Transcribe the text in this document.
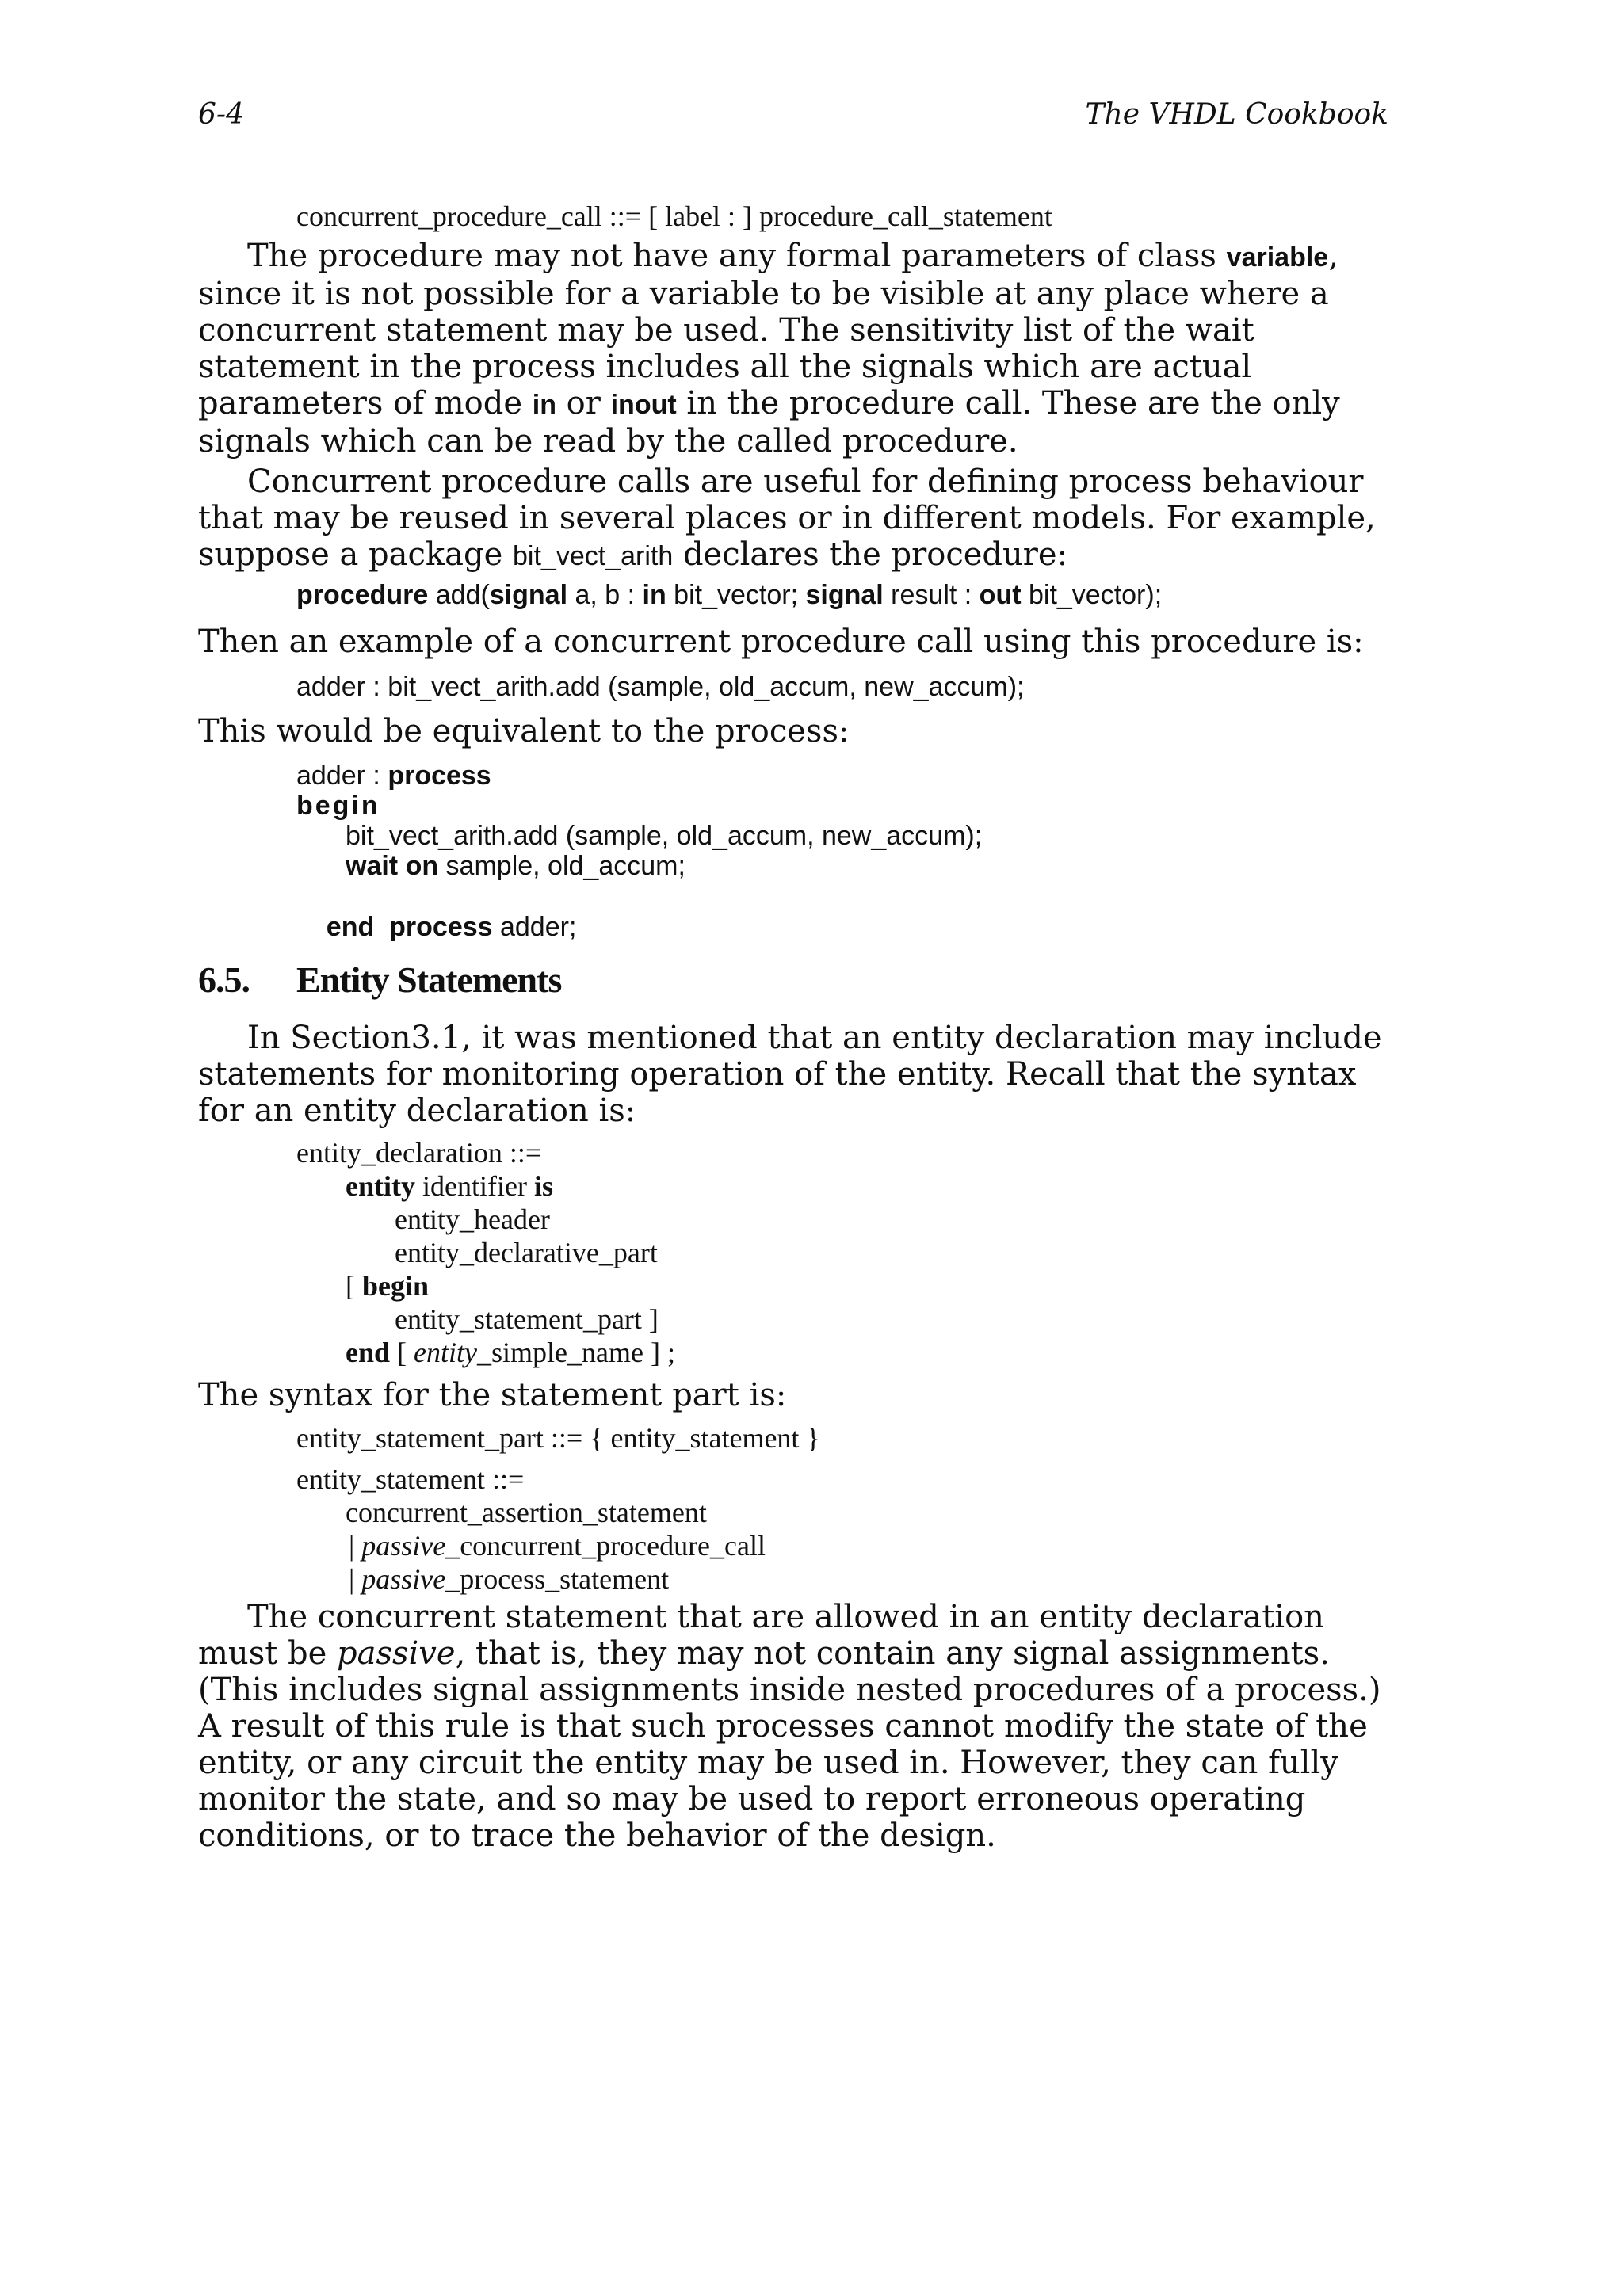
6-4	The VHDL Cookbook
concurrent_procedure_call ::= [ label : ] procedure_call_statement

The procedure may not have any formal parameters of class variable, since it is not possible for a variable to be visible at any place where a concurrent statement may be used. The sensitivity list of the wait statement in the process includes all the signals which are actual parameters of mode in or inout in the procedure call. These are the only signals which can be read by the called procedure.

Concurrent procedure calls are useful for defining process behaviour that may be reused in several places or in different models. For example, suppose a package bit_vect_arith declares the procedure:

procedure add(signal a, b : in bit_vector; signal result : out bit_vector);
Then an example of a concurrent procedure call using this procedure is:
adder : bit_vect_arith.add (sample, old_accum, new_accum);
This would be equivalent to the process:
adder : process
begin
bit_vect_arith.add (sample, old_accum, new_accum);
wait on sample, old_accum;

end  process adder;

6.5. Entity Statements

In Section3.1, it was mentioned that an entity declaration may include statements for monitoring operation of the entity. Recall that the syntax for an entity declaration is:

entity_declaration ::=
entity identifier is
entity_header
entity_declarative_part
[ begin
entity_statement_part ]
end [ entity_simple_name ] ;
The syntax for the statement part is:
entity_statement_part ::= { entity_statement }
entity_statement ::=
concurrent_assertion_statement
| passive_concurrent_procedure_call
| passive_process_statement

The concurrent statement that are allowed in an entity declaration must be passive, that is, they may not contain any signal assignments. (This includes signal assignments inside nested procedures of a process.) A result of this rule is that such processes cannot modify the state of the entity, or any circuit the entity may be used in. However, they can fully monitor the state, and so may be used to report erroneous operating conditions, or to trace the behavior of the design.
